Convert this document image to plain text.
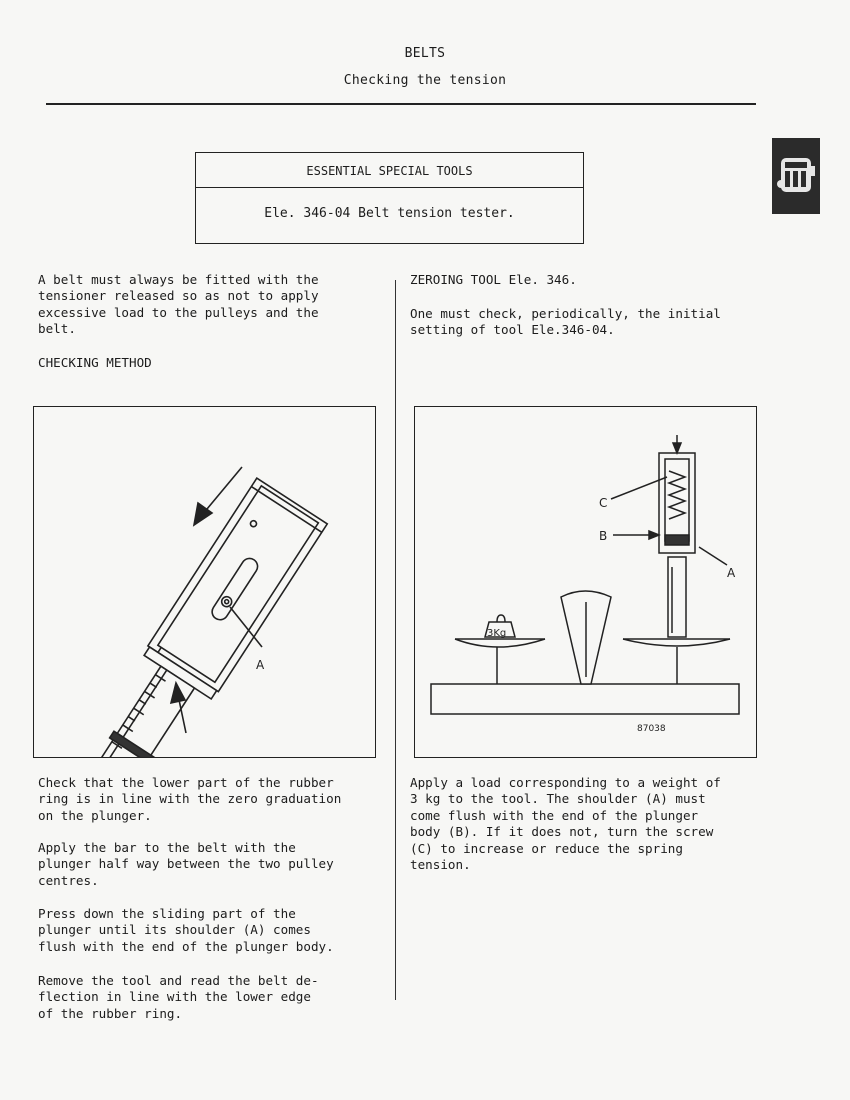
BELTS
Checking the tension
ESSENTIAL SPECIAL TOOLS
Ele. 346-04 Belt tension tester.
A belt must always be fitted with the
tensioner released so as not to apply
excessive load to the pulleys and the
belt.
CHECKING METHOD
A
Check that the lower part of the rubber
ring is in line with the zero graduation
on the plunger.
Apply the bar to the belt with the
plunger half way between the two pulley
centres.
Press down the sliding part of the
plunger until its shoulder (A) comes
flush with the end of the plunger body.
Remove the tool and read the belt de-
flection in line with the lower edge
of the rubber ring.
ZEROING TOOL Ele. 346.
One must check, periodically, the initial
setting of tool Ele.346-04.
C
B
A
3Kg
87038
Apply a load corresponding to a weight of
3 kg to the tool. The shoulder (A) must
come flush with the end of the plunger
body (B). If it does not, turn the screw
(C) to increase or reduce the spring
tension.
